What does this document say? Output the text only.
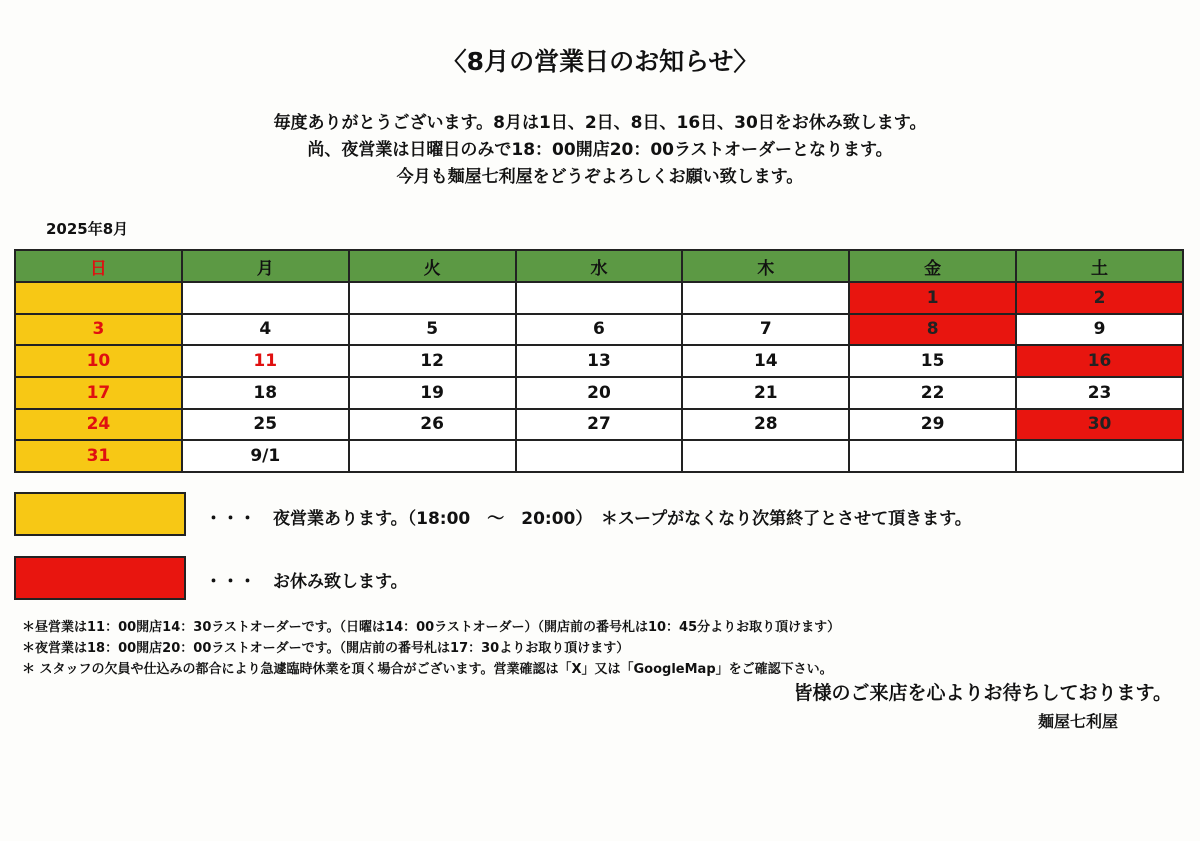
〈8月の営業日のお知らせ〉
毎度ありがとうございます。8月は1日、2日、8日、16日、30日をお休み致します。
尚、夜営業は日曜日のみで18：00開店20：00ラストオーダーとなります。
今月も麺屋七利屋をどうぞよろしくお願い致します。
2025年8月
日	月	火	水	木	金	土
					1	2
3	4	5	6	7	8	9
10	11	12	13	14	15	16
17	18	19	20	21	22	23
24	25	26	27	28	29	30
31	9/1					
・・・　夜営業あります。（18:00　～　20:00）　＊スープがなくなり次第終了とさせて頂きます。
・・・　お休み致します。
＊昼営業は11：00開店14：30ラストオーダーです。（日曜は14：00ラストオーダー）（開店前の番号札は10：45分よりお取り頂けます）
＊夜営業は18：00開店20：00ラストオーダーです。（開店前の番号札は17：30よりお取り頂けます）
＊ スタッフの欠員や仕込みの都合により急遽臨時休業を頂く場合がございます。営業確認は「X」又は「GoogleMap」をご確認下さい。
皆様のご来店を心よりお待ちしております。
麺屋七利屋
